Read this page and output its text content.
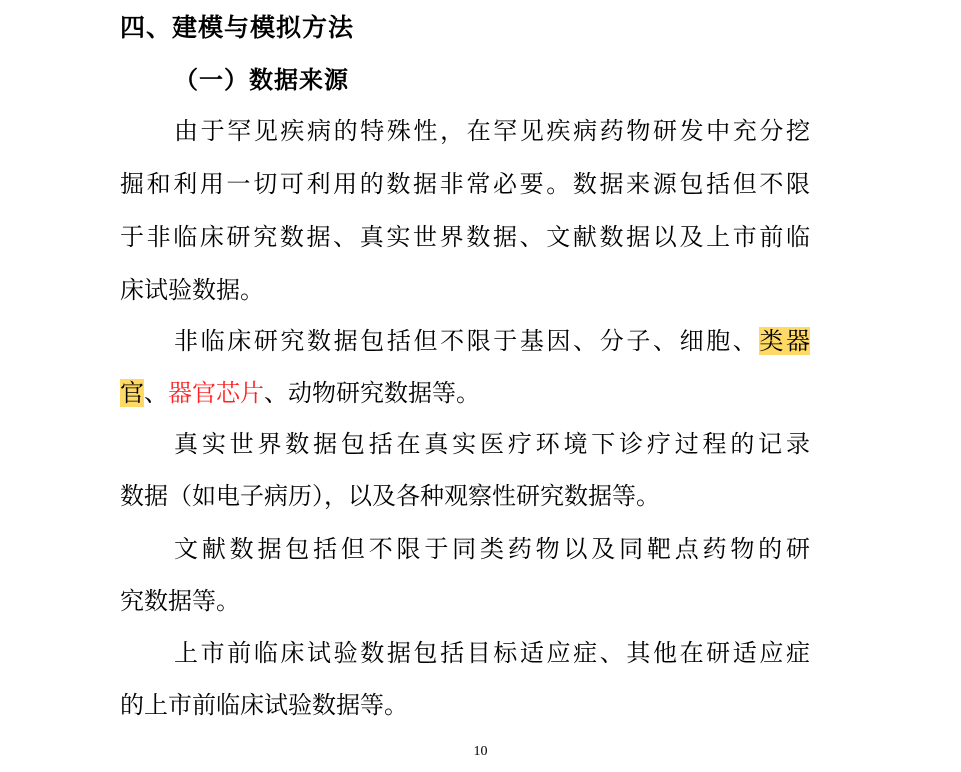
四、建模与模拟方法
（一）数据来源
由于罕见疾病的特殊性，在罕见疾病药物研发中充分挖
掘和利用一切可利用的数据非常必要。数据来源包括但不限
于非临床研究数据、真实世界数据、文献数据以及上市前临
床试验数据。
非临床研究数据包括但不限于基因、分子、细胞、类器
官、器官芯片、动物研究数据等。
真实世界数据包括在真实医疗环境下诊疗过程的记录
数据（如电子病历），以及各种观察性研究数据等。
文献数据包括但不限于同类药物以及同靶点药物的研
究数据等。
上市前临床试验数据包括目标适应症、其他在研适应症
的上市前临床试验数据等。
10
